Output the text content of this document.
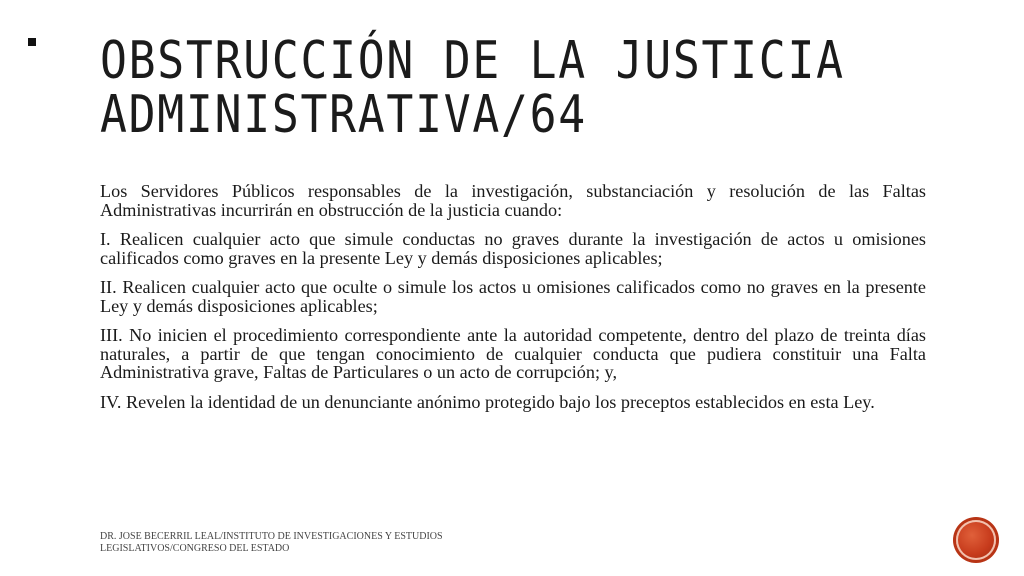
OBSTRUCCIÓN DE LA JUSTICIA
ADMINISTRATIVA/64

Los Servidores Públicos responsables de la investigación, substanciación y resolución de las Faltas Administrativas incurrirán en obstrucción de la justicia cuando:

I. Realicen cualquier acto que simule conductas no graves durante la investigación de actos u omisiones calificados como graves en la presente Ley y demás disposiciones aplicables;

II. Realicen cualquier acto que oculte o simule los actos u omisiones calificados como no graves en la presente Ley y demás disposiciones aplicables;

III. No inicien el procedimiento correspondiente ante la autoridad competente, dentro del plazo de treinta días naturales, a partir de que tengan conocimiento de cualquier conducta que pudiera constituir una Falta Administrativa grave, Faltas de Particulares o un acto de corrupción; y,

IV. Revelen la identidad de un denunciante anónimo protegido bajo los preceptos establecidos en esta Ley.

DR. JOSE BECERRIL LEAL/INSTITUTO DE INVESTIGACIONES Y ESTUDIOS LEGISLATIVOS/CONGRESO DEL ESTADO
